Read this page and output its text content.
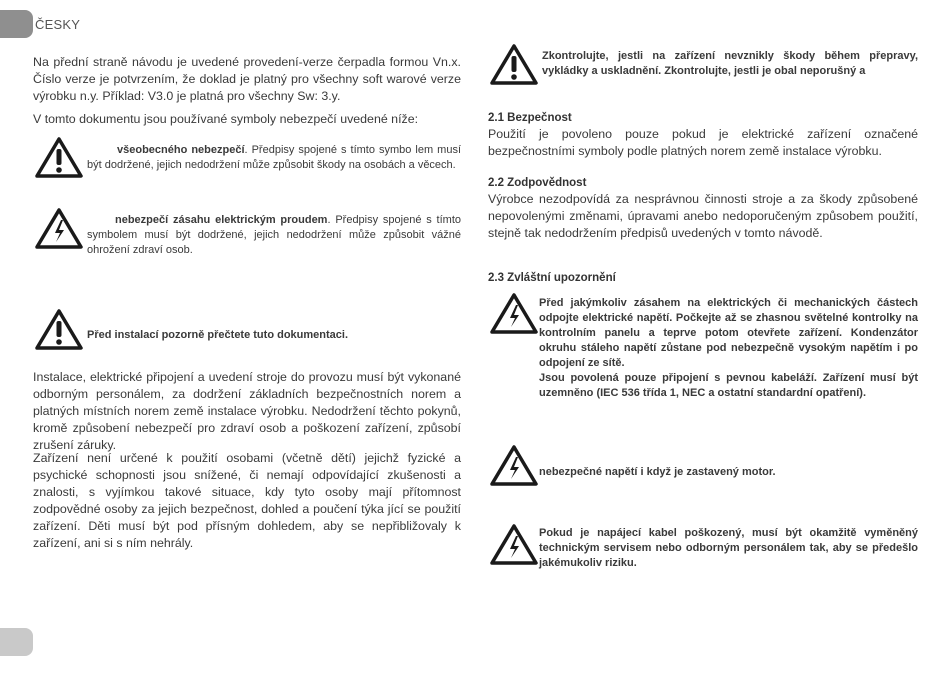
ČESKY

Na přední straně návodu je uvedené provedení-verze čerpadla formou Vn.x. Číslo verze je potvrzením, že doklad je platný pro všechny soft warové verze výrobku n.y. Příklad: V3.0 je platná pro všechny Sw: 3.y.

V tomto dokumentu jsou používané symboly nebezpečí uvedené níže:

všeobecného nebezpečí. Předpisy spojené s tímto symbo lem musí být dodržené, jejich nedodržení může způsobit škody na osobách a věcech.

nebezpečí zásahu elektrickým proudem. Předpisy spojené s tímto symbolem musí být dodržené, jejich nedodržení může způsobit vážné ohrožení zdraví osob.

Před instalací pozorně přečtete tuto dokumentaci.

Instalace, elektrické připojení a uvedení stroje do provozu musí být vykonané odborným personálem, za dodržení základních bezpečnostních norem a platných místních norem země instalace výrobku. Nedodržení těchto pokynů, kromě způsobení nebezpečí pro zdraví osob a poškození zařízení, způsobí zrušení záruky.

Zařízení není určené k použití osobami (včetně dětí) jejichž fyzické a psychické schopnosti jsou snížené, či nemají odpovídající zkušenosti a znalosti, s vyjímkou takové situace, kdy tyto osoby mají přítomnost zodpovědné osoby za jejich bezpečnost, dohled a poučení týka jící se použití zařízení. Děti musí být pod přísným dohledem, aby se nepřibližovaly k zařízení, ani si s ním nehrály.

Zkontrolujte, jestli na zařízení nevznikly škody během přepravy, vykládky a uskladnění. Zkontrolujte, jestli je obal neporušný a

2.1 Bezpečnost

Použití je povoleno pouze pokud je elektrické zařízení označené bezpečnostními symboly podle platných norem země instalace výrobku.

2.2 Zodpovědnost

Výrobce nezodpovídá za nesprávnou činnosti stroje a za škody způsobené nepovolenými změnami, úpravami anebo nedoporučeným způsobem použití, stejně tak nedodržením předpisů uvedených v tomto návodě.

2.3 Zvláštní upozornění

Před jakýmkoliv zásahem na elektrických či mechanických částech odpojte elektrické napětí. Počkejte až se zhasnou světelné kontrolky na kontrolním panelu a teprve potom otevřete zařízení. Kondenzátor okruhu stáleho napětí zůstane pod nebezpečně vysokým napětím i po odpojení ze sítě.

Jsou povolená pouze připojení s pevnou kabeláží. Zařízení musí být uzemněno (IEC 536 třída 1, NEC a ostatní standardní opatření).

nebezpečné napětí i když je zastavený motor.

Pokud je napájecí kabel poškozený, musí být okamžitě vyměněný technickým servisem nebo odborným personálem tak, aby se předešlo jakémukoliv riziku.
